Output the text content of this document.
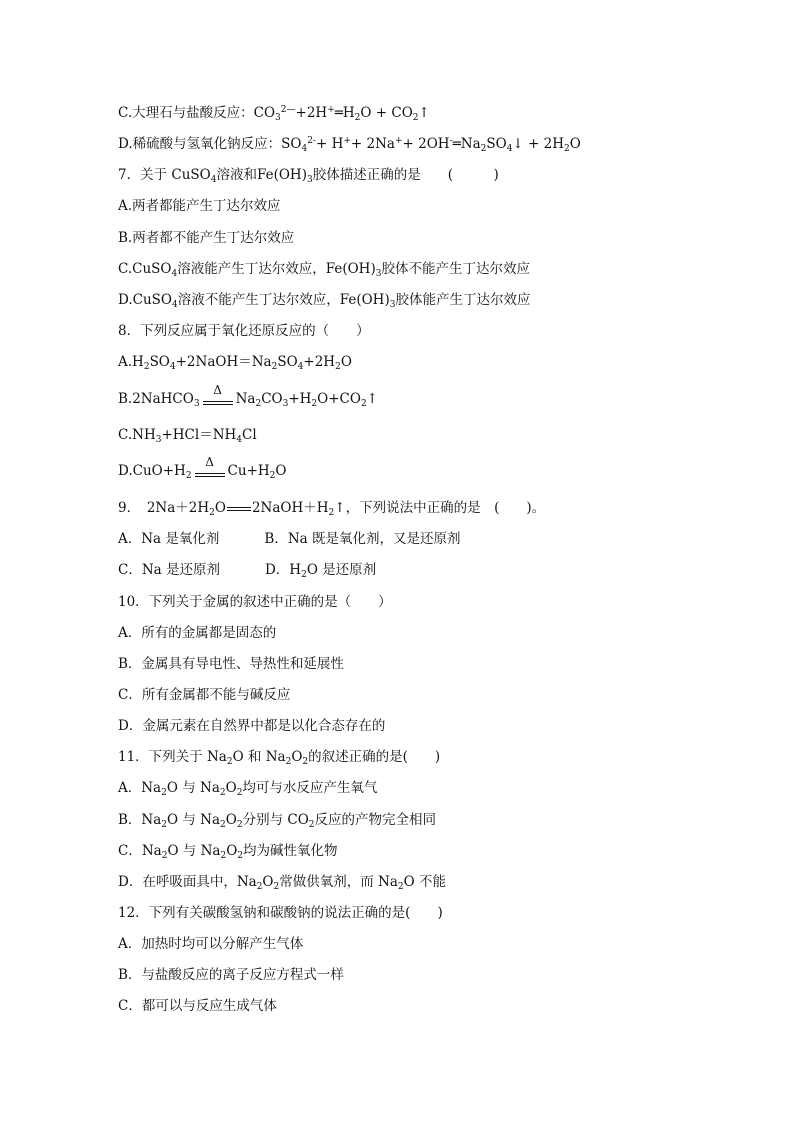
C.大理石与盐酸反应：$CO_3^{2—}+2H^+═H_2O$ + $CO_2↑$
D.稀硫酸与氢氧化钠反应：$SO_4^{2-}+ H^++ 2Na^++$ $2OH^-═Na_2SO_4↓ + 2H_2O$
7．关于 CuSO$_4$溶液和$Fe(OH)_3$胶体描述正确的是　　(　　　)
A.两者都能产生丁达尔效应
B.两者都不能产生丁达尔效应
C.CuSO$_4$溶液能产生丁达尔效应，$Fe(OH)_3$胶体不能产生丁达尔效应
D.CuSO$_4$溶液不能产生丁达尔效应，$Fe(OH)_3$胶体能产生丁达尔效应
8．下列反应属于氧化还原反应的（　　）
$A.H_2SO_4+2NaOH=Na_2SO_4+2H_2O$
B.2NaHCO$_3$
Δ
$Na_2CO_3+H_2O+CO_2↑$
$C.NH_3+HCl=NH_4Cl$
$D.CuO+H_2$
Δ
$Cu+H_2O$
9．　$2Na+2H_2O$ $2NaOH+H_2↑$，下列说法中正确的是　(　　)。
A．Na 是氧化剂	B．Na 既是氧化剂，又是还原剂
C．Na 是还原剂	D．$H_2O$ 是还原剂
10．下列关于金属的叙述中正确的是（　　）
A．所有的金属都是固态的
B．金属具有导电性、导热性和延展性
C．所有金属都不能与碱反应
D．金属元素在自然界中都是以化合态存在的
11．下列关于 $Na_2O$ 和 $Na_2O_2$的叙述正确的是(　　)
A．$Na_2O$ 与 $Na_2O_2$均可与水反应产生氧气
B．$Na_2O$ 与 $Na_2O_2$分别与 $CO_2$反应的产物完全相同
C．$Na_2O$ 与 $Na_2O_2$均为碱性氧化物
D．在呼吸面具中，$Na_2O_2$常做供氧剂，而 $Na_2O$ 不能
12．下列有关碳酸氢钠和碳酸钠的说法正确的是(　　)
A．加热时均可以分解产生气体
B．与盐酸反应的离子反应方程式一样
C．都可以与反应生成气体
